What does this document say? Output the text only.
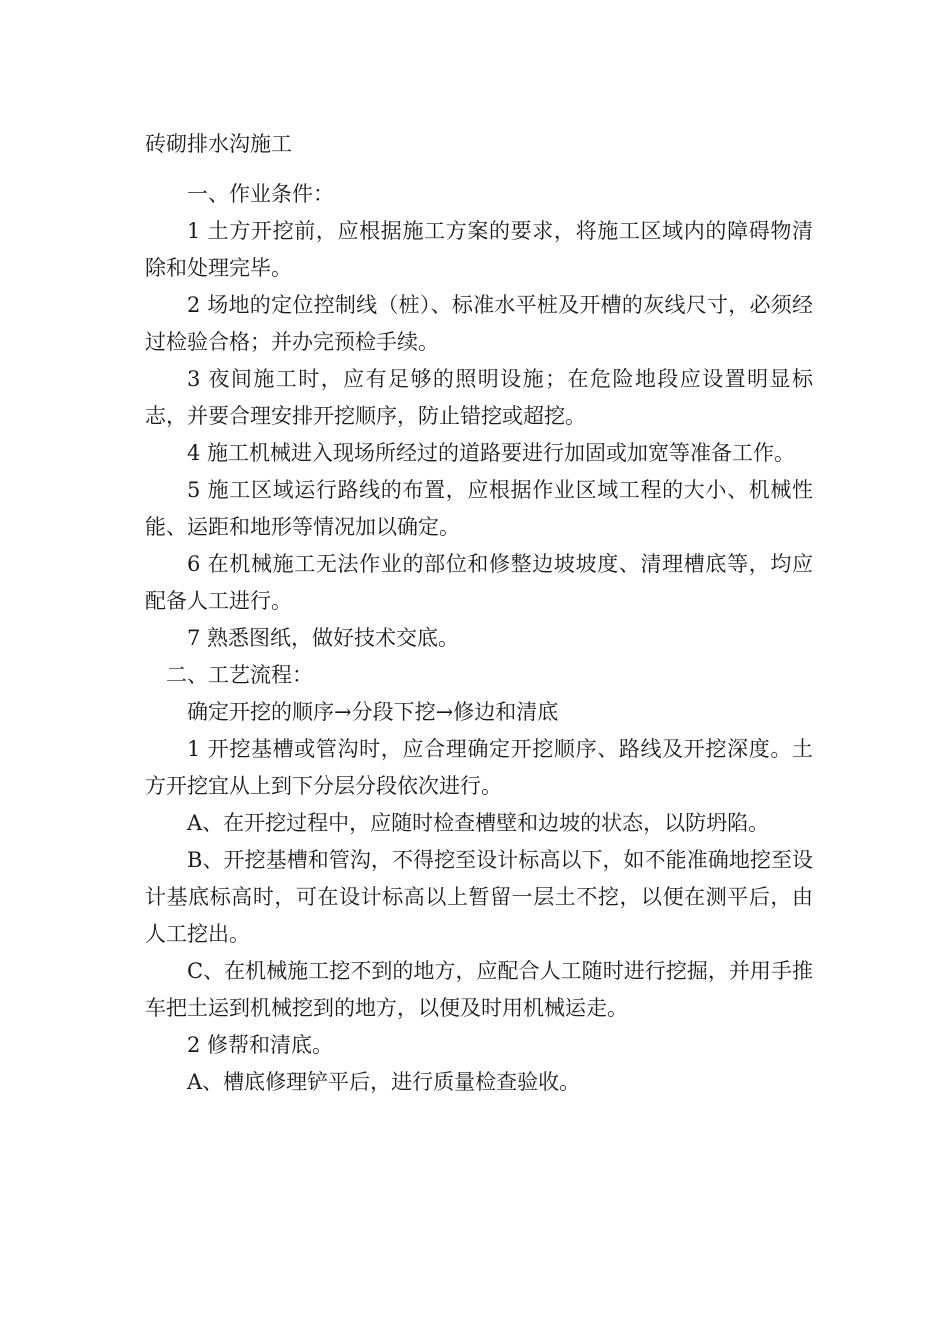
砖砌排水沟施工

一、作业条件：

1 土方开挖前，应根据施工方案的要求，将施工区域内的障碍物清除和处理完毕。

2 场地的定位控制线（桩）、标准水平桩及开槽的灰线尺寸，必须经过检验合格；并办完预检手续。

3 夜间施工时，应有足够的照明设施；在危险地段应设置明显标志，并要合理安排开挖顺序，防止错挖或超挖。

4 施工机械进入现场所经过的道路要进行加固或加宽等准备工作。

5 施工区域运行路线的布置，应根据作业区域工程的大小、机械性能、运距和地形等情况加以确定。

6 在机械施工无法作业的部位和修整边坡坡度、清理槽底等，均应配备人工进行。

7 熟悉图纸，做好技术交底。

二、工艺流程：

确定开挖的顺序→分段下挖→修边和清底

1 开挖基槽或管沟时，应合理确定开挖顺序、路线及开挖深度。土方开挖宜从上到下分层分段依次进行。

A、在开挖过程中，应随时检查槽壁和边坡的状态，以防坍陷。

B、开挖基槽和管沟，不得挖至设计标高以下，如不能准确地挖至设计基底标高时，可在设计标高以上暂留一层土不挖，以便在测平后，由人工挖出。

C、在机械施工挖不到的地方，应配合人工随时进行挖掘，并用手推车把土运到机械挖到的地方，以便及时用机械运走。

2 修帮和清底。

A、槽底修理铲平后，进行质量检查验收。
